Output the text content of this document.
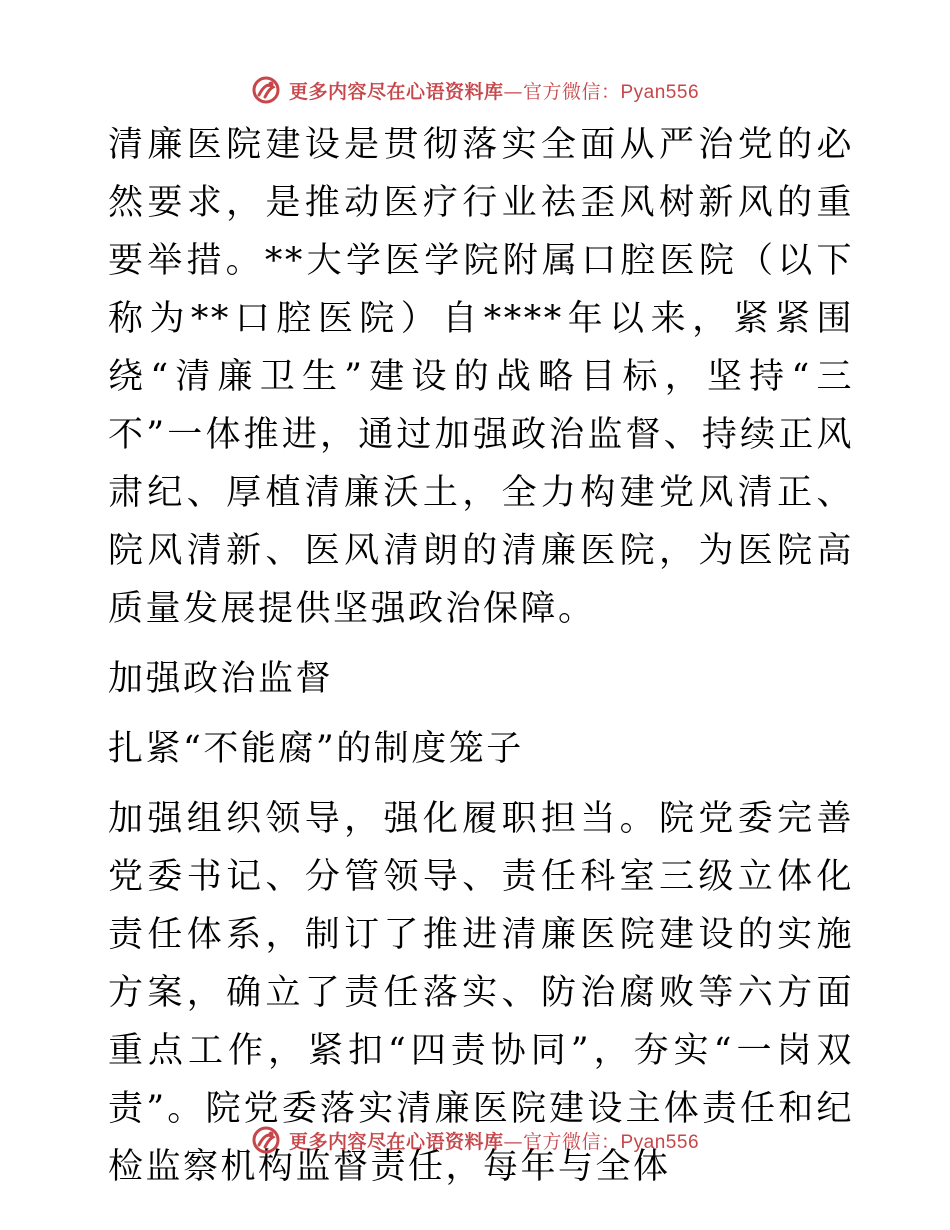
更多内容尽在心语资料库—官方微信：Pyan556

清廉医院建设是贯彻落实全面从严治党的必然要求，是推动医疗行业祛歪风树新风的重要举措。**大学医学院附属口腔医院（以下称为**口腔医院）自****年以来，紧紧围绕“清廉卫生”建设的战略目标，坚持“三不”一体推进，通过加强政治监督、持续正风肃纪、厚植清廉沃土，全力构建党风清正、院风清新、医风清朗的清廉医院，为医院高质量发展提供坚强政治保障。

加强政治监督

扎紧“不能腐”的制度笼子

加强组织领导，强化履职担当。院党委完善党委书记、分管领导、责任科室三级立体化责任体系，制订了推进清廉医院建设的实施方案，确立了责任落实、防治腐败等六方面重点工作，紧扣“四责协同”，夯实“一岗双责”。院党委落实清廉医院建设主体责任和纪检监察机构监督责任，每年与全体

更多内容尽在心语资料库—官方微信：Pyan556
